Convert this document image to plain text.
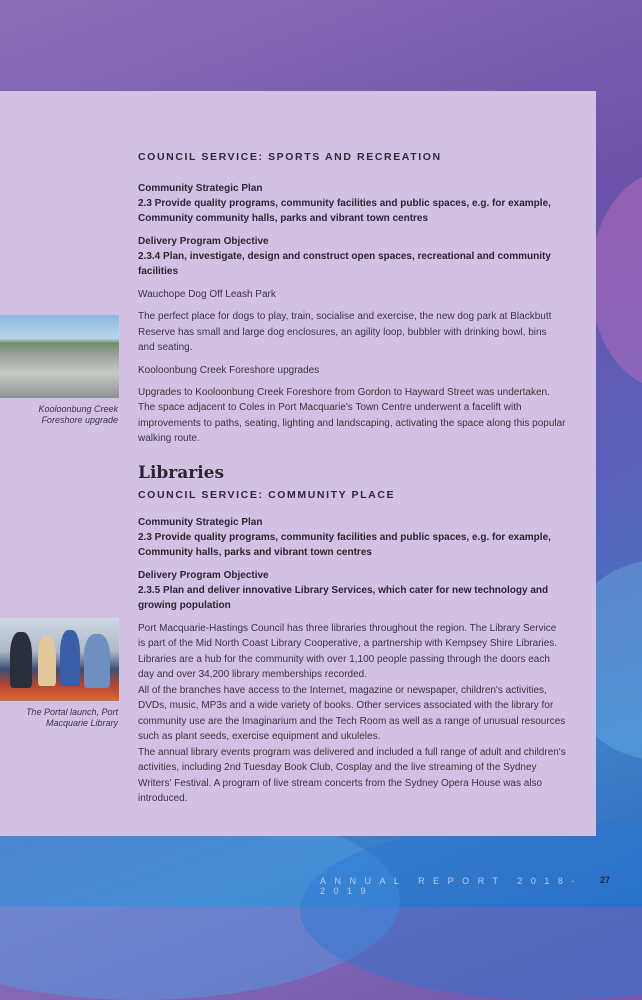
Kooloonbung Creek Foreshore upgrade
The Portal launch, Port Macquarie Library

COUNCIL SERVICE: SPORTS AND RECREATION

Community Strategic Plan

2.3 Provide quality programs, community facilities and public spaces, e.g. for example, Community community halls, parks and vibrant town centres

Delivery Program Objective

2.3.4 Plan, investigate, design and construct open spaces, recreational and community facilities

Wauchope Dog Off Leash Park

The perfect place for dogs to play, train, socialise and exercise, the new dog park at Blackbutt Reserve has small and large dog enclosures, an agility loop, bubbler with drinking bowl, bins and seating.

Kooloonbung Creek Foreshore upgrades

Upgrades to Kooloonbung Creek Foreshore from Gordon to Hayward Street was undertaken. The space adjacent to Coles in Port Macquarie's Town Centre underwent a facelift with improvements to paths, seating, lighting and landscaping, activating the space along this popular walking route.

Libraries

COUNCIL SERVICE: COMMUNITY PLACE

Community Strategic Plan

2.3 Provide quality programs, community facilities and public spaces, e.g. for example, Community halls, parks and vibrant town centres

Delivery Program Objective

2.3.5 Plan and deliver innovative Library Services, which cater for new technology and growing population

Port Macquarie-Hastings Council has three libraries throughout the region. The Library Service is part of the Mid North Coast Library Cooperative, a partnership with Kempsey Shire Libraries.

Libraries are a hub for the community with over 1,100 people passing through the doors each day and over 34,200 library memberships recorded.

All of the branches have access to the Internet, magazine or newspaper, children's activities, DVDs, music, MP3s and a wide variety of books. Other services associated with the library for community use are the Imaginarium and the Tech Room as well as a range of unusual resources such as plant seeds, exercise equipment and ukuleles.

The annual library events program was delivered and included a full range of adult and children's activities, including 2nd Tuesday Book Club, Cosplay and the live streaming of the Sydney Writers' Festival. A program of live stream concerts from the Sydney Opera House was also introduced.

ANNUAL REPORT 2018-2019
27
